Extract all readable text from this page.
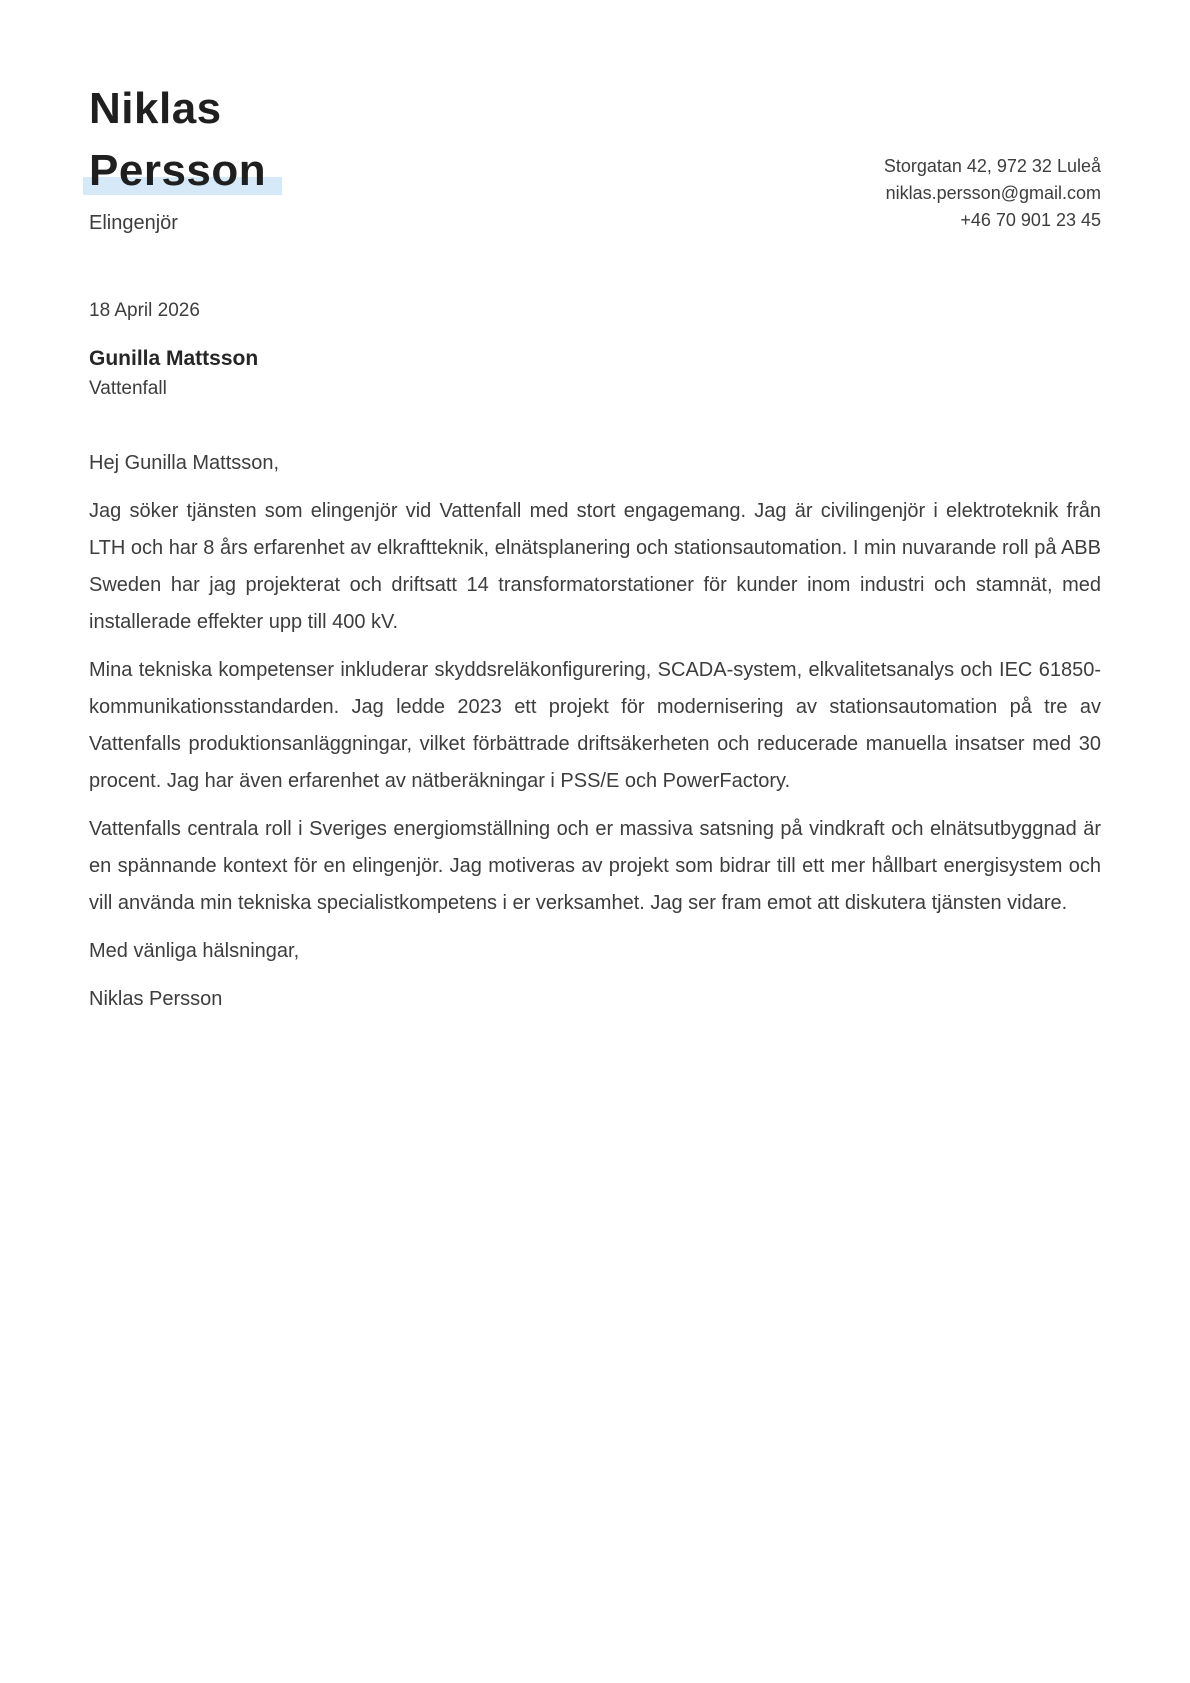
Niklas
Persson
Elingenjör
Storgatan 42, 972 32 Luleå
niklas.persson@gmail.com
+46 70 901 23 45
18 April 2026
Gunilla Mattsson
Vattenfall

Hej Gunilla Mattsson,

Jag söker tjänsten som elingenjör vid Vattenfall med stort engagemang. Jag är civilingenjör i elektroteknik från LTH och har 8 års erfarenhet av elkraftteknik, elnätsplanering och stationsautomation. I min nuvarande roll på ABB Sweden har jag projekterat och driftsatt 14 transformatorstationer för kunder inom industri och stamnät, med installerade effekter upp till 400 kV.

Mina tekniska kompetenser inkluderar skyddsreläkonfigurering, SCADA-system, elkvalitetsanalys och IEC 61850-kommunikationsstandarden. Jag ledde 2023 ett projekt för modernisering av stationsautomation på tre av Vattenfalls produktionsanläggningar, vilket förbättrade driftsäkerheten och reducerade manuella insatser med 30 procent. Jag har även erfarenhet av nätberäkningar i PSS/E och PowerFactory.

Vattenfalls centrala roll i Sveriges energiomställning och er massiva satsning på vindkraft och elnätsutbyggnad är en spännande kontext för en elingenjör. Jag motiveras av projekt som bidrar till ett mer hållbart energisystem och vill använda min tekniska specialistkompetens i er verksamhet. Jag ser fram emot att diskutera tjänsten vidare.

Med vänliga hälsningar,

Niklas Persson
